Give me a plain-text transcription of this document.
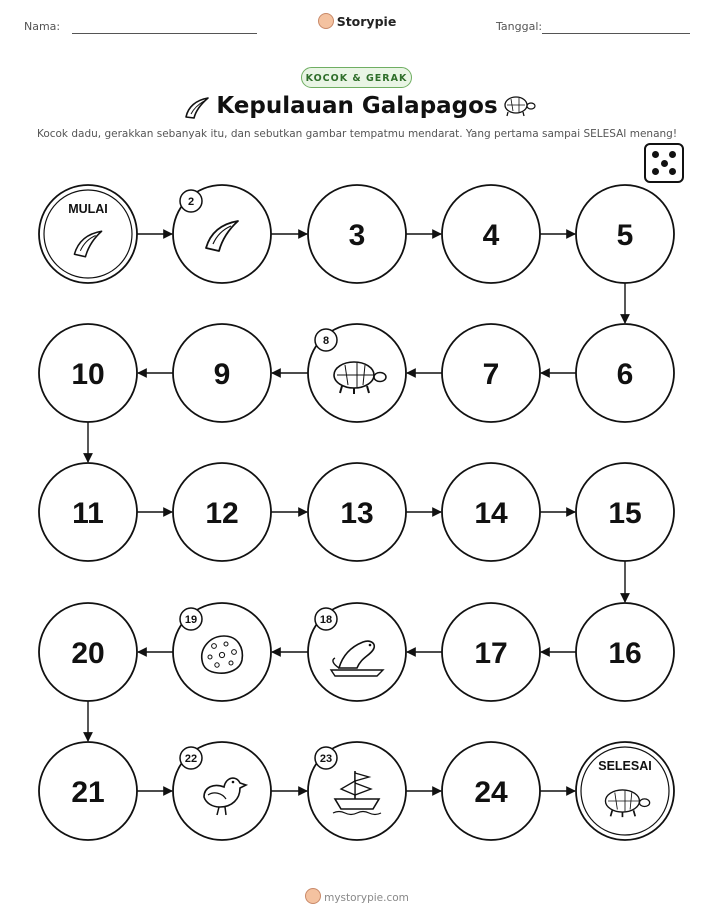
Nama:	Storypie	Tanggal:
KOCOK & GERAK
Kepulauan Galapagos
Kocok dadu, gerakkan sebanyak itu, dan sebutkan gambar tempatmu mendarat. Yang pertama sampai SELESAI menang!
MULAI	2
3	4	5
6
7
8
9
10
11	12	13	14	15
16
17
18
19
20
21
22	23
24
SELESAI
mystorypie.com
